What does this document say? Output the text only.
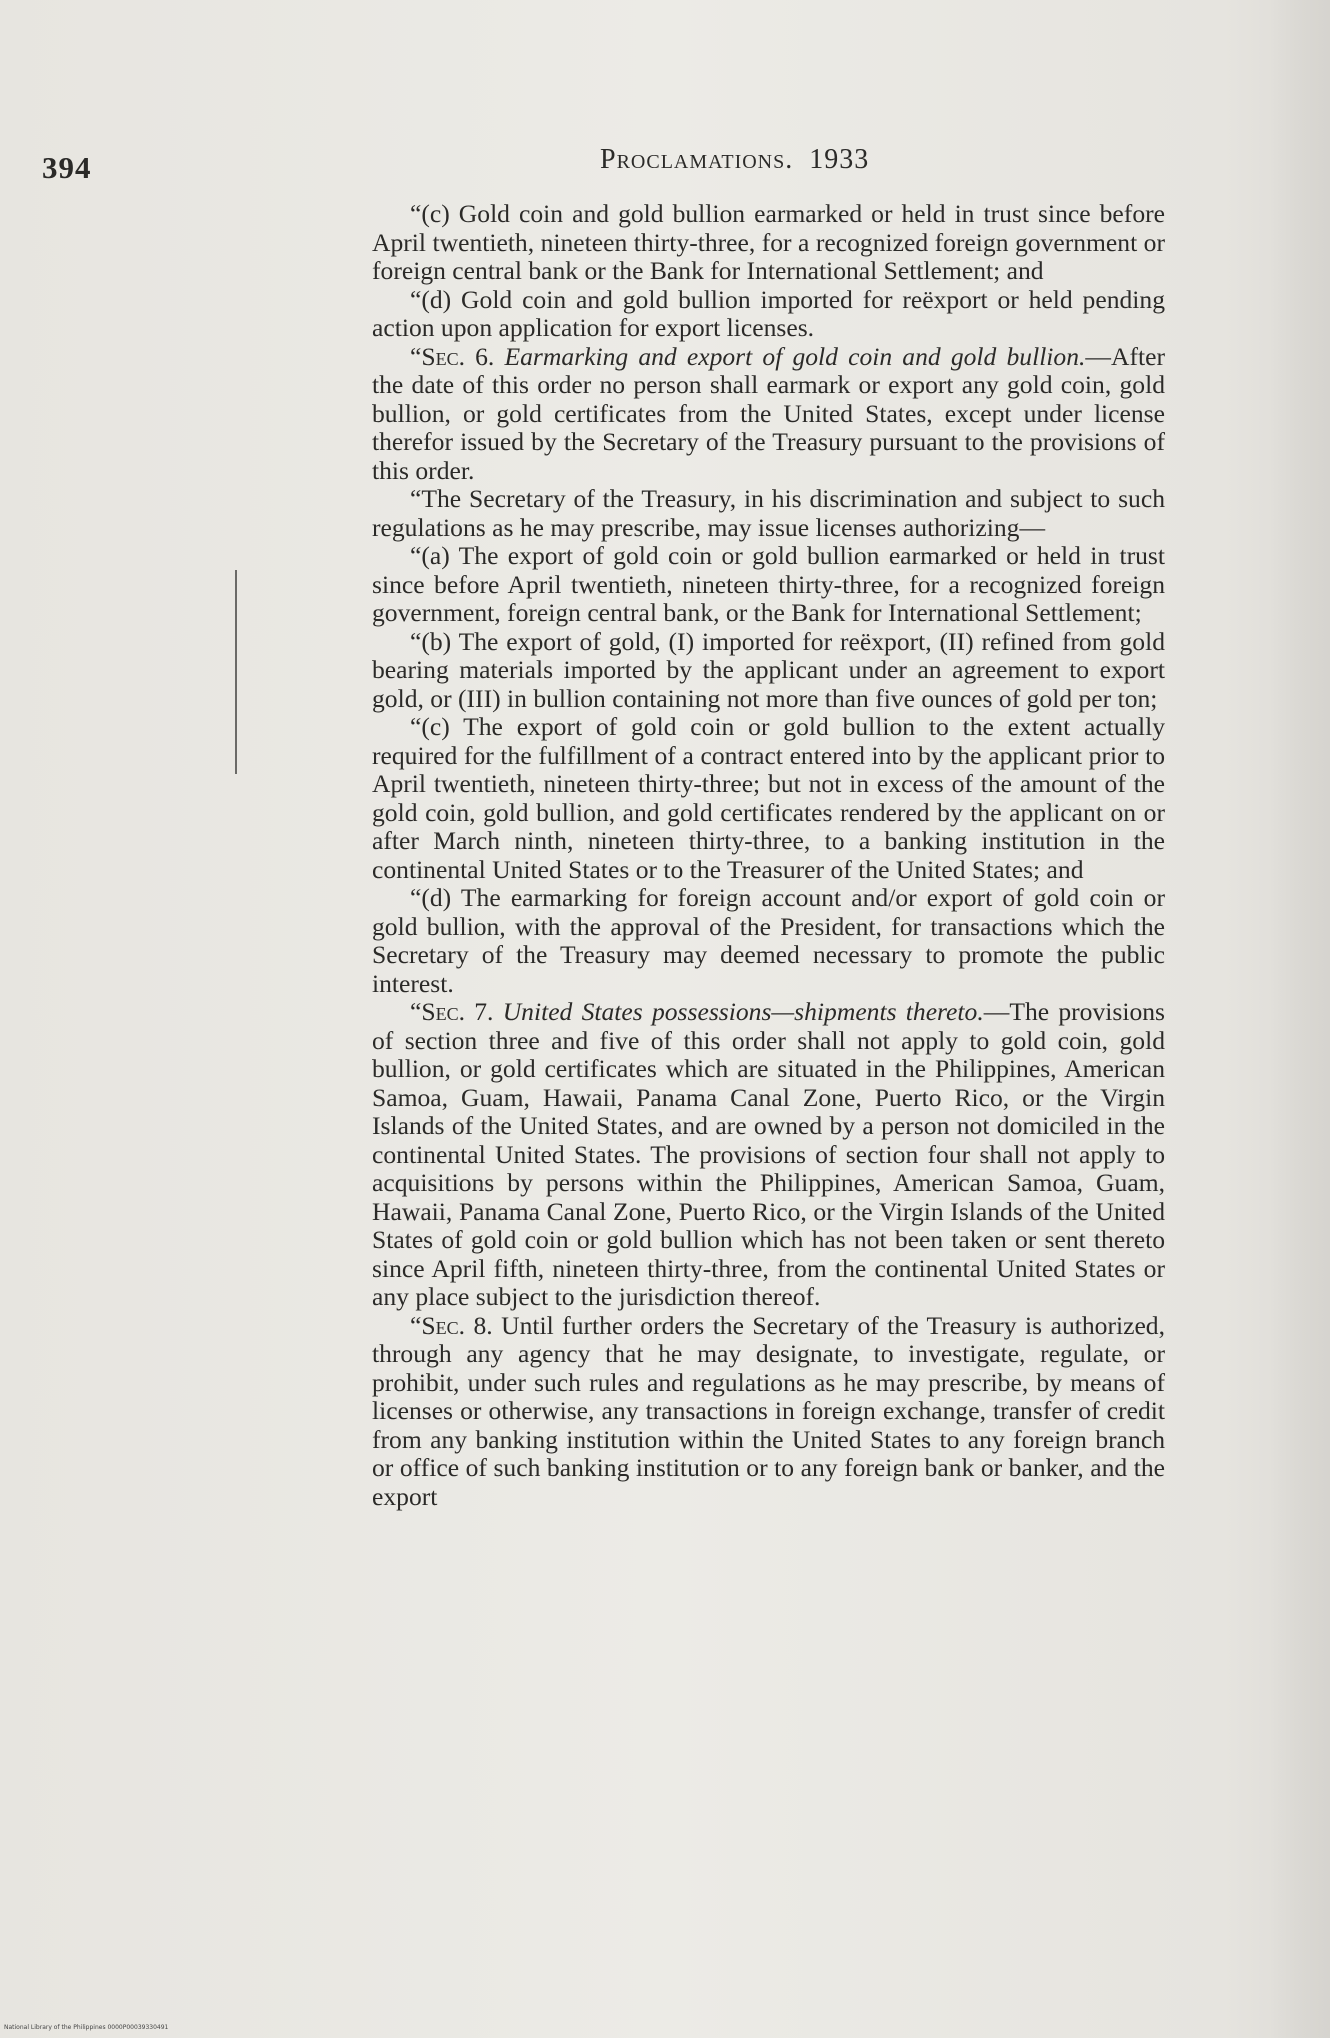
394	Proclamations. 1933

“(c) Gold coin and gold bullion earmarked or held in trust since before April twentieth, nineteen thirty-three, for a recognized foreign government or foreign central bank or the Bank for International Settlement; and

“(d) Gold coin and gold bullion imported for reëxport or held pending action upon application for export licenses.

“Sec. 6. Earmarking and export of gold coin and gold bullion.—After the date of this order no person shall earmark or export any gold coin, gold bullion, or gold certificates from the United States, except under license therefor issued by the Secretary of the Treasury pursuant to the provisions of this order.

“The Secretary of the Treasury, in his discrimination and subject to such regulations as he may prescribe, may issue licenses authorizing—

“(a) The export of gold coin or gold bullion earmarked or held in trust since before April twentieth, nineteen thirty-three, for a recognized foreign government, foreign central bank, or the Bank for International Settlement;

“(b) The export of gold, (I) imported for reëxport, (II) refined from gold bearing materials imported by the applicant under an agreement to export gold, or (III) in bullion containing not more than five ounces of gold per ton;

“(c) The export of gold coin or gold bullion to the extent actually required for the fulfillment of a contract entered into by the applicant prior to April twentieth, nineteen thirty-three; but not in excess of the amount of the gold coin, gold bullion, and gold certificates rendered by the applicant on or after March ninth, nineteen thirty-three, to a banking institution in the continental United States or to the Treasurer of the United States; and

“(d) The earmarking for foreign account and/or export of gold coin or gold bullion, with the approval of the President, for transactions which the Secretary of the Treasury may deemed necessary to promote the public interest.

“Sec. 7. United States possessions—shipments thereto.—The provisions of section three and five of this order shall not apply to gold coin, gold bullion, or gold certificates which are situated in the Philippines, American Samoa, Guam, Hawaii, Panama Canal Zone, Puerto Rico, or the Virgin Islands of the United States, and are owned by a person not domiciled in the continental United States. The provisions of section four shall not apply to acquisitions by persons within the Philippines, American Samoa, Guam, Hawaii, Panama Canal Zone, Puerto Rico, or the Virgin Islands of the United States of gold coin or gold bullion which has not been taken or sent thereto since April fifth, nineteen thirty-three, from the continental United States or any place subject to the jurisdiction thereof.

“Sec. 8. Until further orders the Secretary of the Treasury is authorized, through any agency that he may designate, to investigate, regulate, or prohibit, under such rules and regulations as he may prescribe, by means of licenses or otherwise, any transactions in foreign exchange, transfer of credit from any banking institution within the United States to any foreign branch or office of such banking institution or to any foreign bank or banker, and the export

National Library of the Philippines 0000P00039330491
